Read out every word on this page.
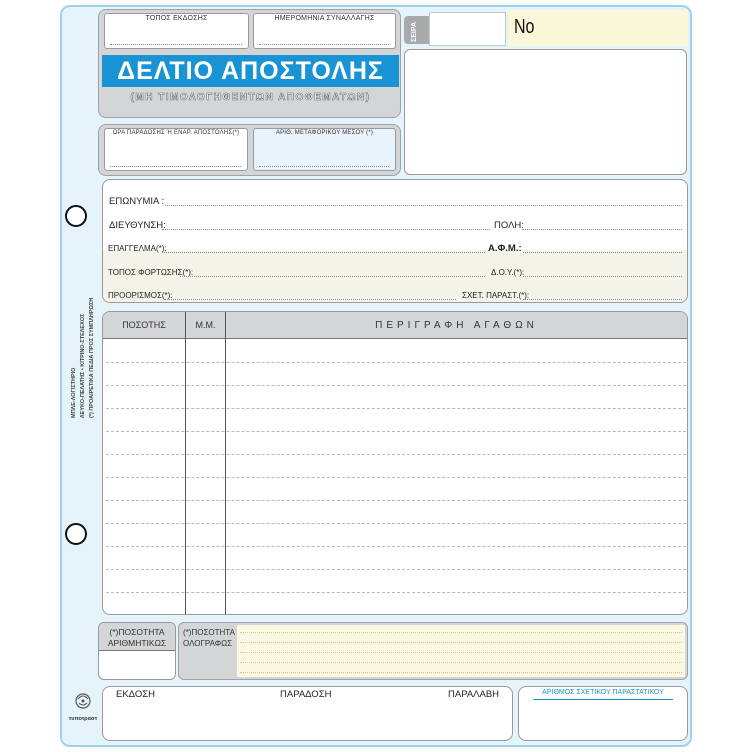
ΜΠΛΕ-ΛΟΓΙΣΤΗΡΙΟ ΛΕΥΚΟ-ΠΕΛΑΤΗΣ • ΚΙΤΡΙΝΟ-ΣΤΕΛΕΧΟΣ (*) ΠΡΟΑΙΡΕΤΙΚΑ ΠΕΔΙΑ ΠΡΟΣ ΣΥΜΠΛΗΡΩΣΗ
ΤΟΠΟΣ ΕΚΔΟΣΗΣ	ΗΜΕΡΟΜΗΝΙΑ ΣΥΝΑΛΛΑΓΗΣ
ΔΕΛΤΙΟ ΑΠΟΣΤΟΛΗΣ
(ΜΗ ΤΙΜΟΛΟΓΗΘΕΝΤΩΝ ΑΠΟΘΕΜΑΤΩΝ)
ΣΕΙΡΑ	No
ΩΡΑ ΠΑΡΑΔΟΣΗΣ Ή ΕΝΑΡ. ΑΠΟΣΤΟΛΗΣ(*)	ΑΡΙΘ. ΜΕΤΑΦΟΡΙΚΟΥ ΜΕΣΟΥ (*)
ΕΠΩΝΥΜΙΑ :
ΔΙΕΥΘΥΝΣΗ:	ΠΟΛΗ:
ΕΠΑΓΓΕΛΜΑ(*):	Α.Φ.Μ.:
ΤΟΠΟΣ ΦΟΡΤΩΣΗΣ(*):	Δ.Ο.Υ.(*):
ΠΡΟΟΡΙΣΜΟΣ(*):	ΣΧΕΤ. ΠΑΡΑΣΤ.(*):
ΠΟΣΟΤΗΣ	Μ.Μ.	ΠΕΡΙΓΡΑΦΗ ΑΓΑΘΩΝ
(*)ΠΟΣΟΤΗΤΑ
ΑΡΙΘΜΗΤΙΚΩΣ
(*)ΠΟΣΟΤΗΤΑ
ΟΛΟΓΡΑΦΩΣ
τυποτραστ
ΕΚΔΟΣΗ	ΠΑΡΑΔΟΣΗ	ΠΑΡΑΛΑΒΗ	ΑΡΙΘΜΟΣ ΣΧΕΤΙΚΟΥ ΠΑΡΑΣΤΑΤΙΚΟΥ
